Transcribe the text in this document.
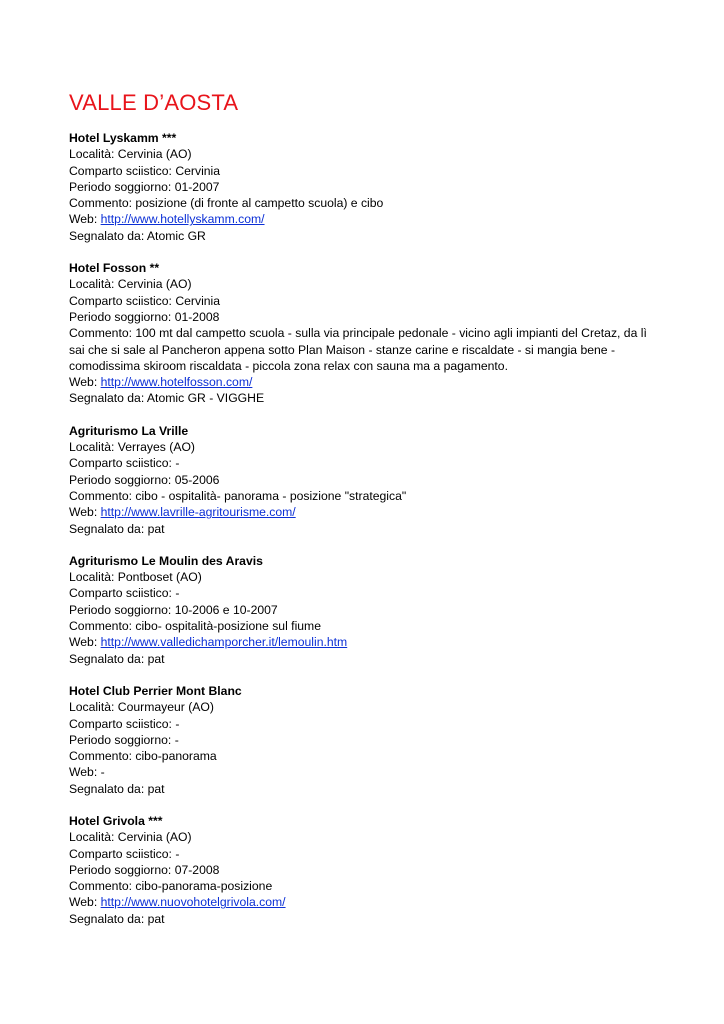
VALLE D’AOSTA
Hotel Lyskamm ***
Località: Cervinia (AO)
Comparto sciistico: Cervinia
Periodo soggiorno: 01-2007
Commento: posizione (di fronte al campetto scuola) e cibo
Web: http://www.hotellyskamm.com/
Segnalato da: Atomic GR
Hotel Fosson **
Località: Cervinia (AO)
Comparto sciistico: Cervinia
Periodo soggiorno: 01-2008
Commento: 100 mt dal campetto scuola - sulla via principale pedonale - vicino agli impianti del Cretaz, da lì sai che si sale al Pancheron appena sotto Plan Maison - stanze carine e riscaldate - si mangia bene - comodissima skiroom riscaldata - piccola zona relax con sauna ma a pagamento.
Web: http://www.hotelfosson.com/
Segnalato da: Atomic GR - VIGGHE
Agriturismo La Vrille
Località: Verrayes (AO)
Comparto sciistico: -
Periodo soggiorno: 05-2006
Commento: cibo - ospitalità- panorama - posizione "strategica"
Web: http://www.lavrille-agritourisme.com/
Segnalato da: pat
Agriturismo Le Moulin des Aravis
Località: Pontboset (AO)
Comparto sciistico: -
Periodo soggiorno: 10-2006 e 10-2007
Commento: cibo- ospitalità-posizione sul fiume
Web: http://www.valledichamporcher.it/lemoulin.htm
Segnalato da: pat
Hotel Club Perrier Mont Blanc
Località: Courmayeur (AO)
Comparto sciistico: -
Periodo soggiorno: -
Commento: cibo-panorama
Web: -
Segnalato da: pat
Hotel Grivola ***
Località: Cervinia (AO)
Comparto sciistico: -
Periodo soggiorno: 07-2008
Commento: cibo-panorama-posizione
Web: http://www.nuovohotelgrivola.com/
Segnalato da: pat
